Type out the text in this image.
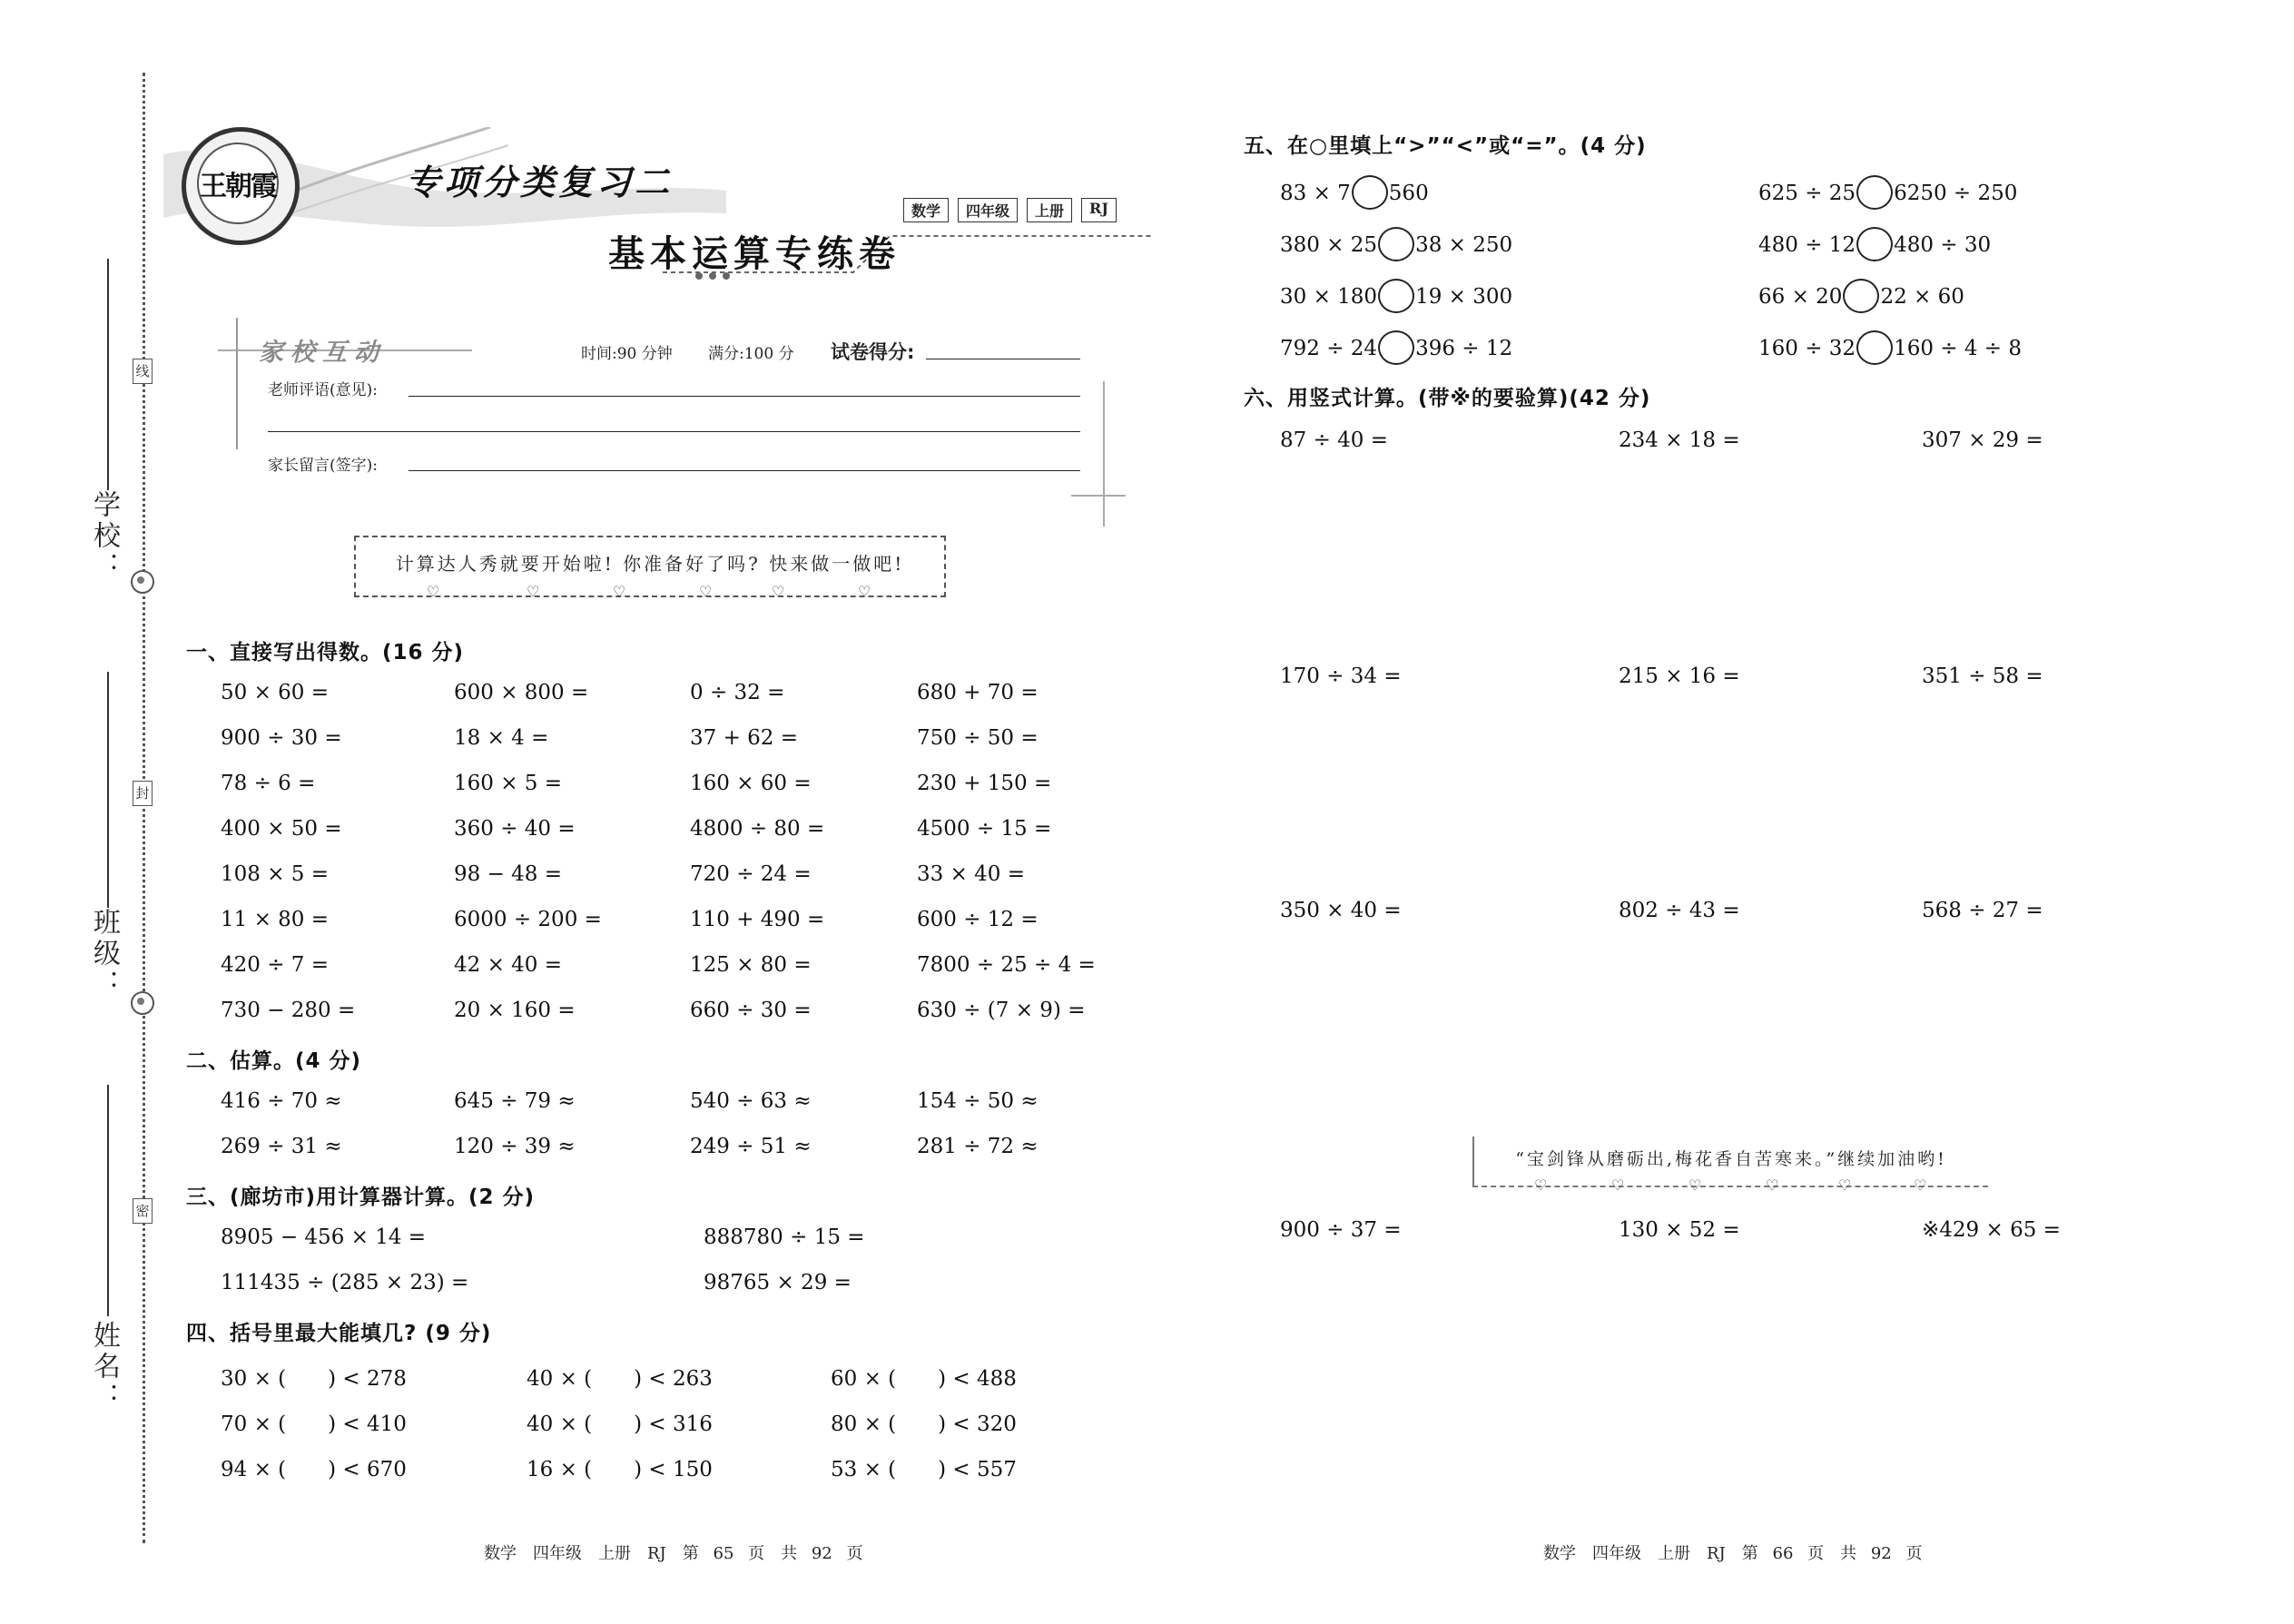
学校：
班级：
姓名：
线
封
密
王朝霞	专项分类复习二
基本运算专练卷
数学	四年级	上册	RJ
家校互动	时间:90 分钟 满分:100 分 试卷得分:
老师评语(意见):
家长留言(签字):
计算达人秀就要开始啦! 你准备好了吗? 快来做一做吧!
♡	♡	♡	♡	♡	♡
一、直接写出得数。(16 分)
50 × 60 =	600 × 800 =	0 ÷ 32 =	680 + 70 =
900 ÷ 30 =	18 × 4 =	37 + 62 =	750 ÷ 50 =
78 ÷ 6 =	160 × 5 =	160 × 60 =	230 + 150 =
400 × 50 =	360 ÷ 40 =	4800 ÷ 80 =	4500 ÷ 15 =
108 × 5 =	98 − 48 =	720 ÷ 24 =	33 × 40 =
11 × 80 =	6000 ÷ 200 =	110 + 490 =	600 ÷ 12 =
420 ÷ 7 =	42 × 40 =	125 × 80 =	7800 ÷ 25 ÷ 4 =
730 − 280 =	20 × 160 =	660 ÷ 30 =	630 ÷ (7 × 9) =
二、估算。(4 分)
416 ÷ 70 ≈	645 ÷ 79 ≈	540 ÷ 63 ≈	154 ÷ 50 ≈
269 ÷ 31 ≈	120 ÷ 39 ≈	249 ÷ 51 ≈	281 ÷ 72 ≈
三、(廊坊市)用计算器计算。(2 分)
8905 − 456 × 14 =	888780 ÷ 15 =
111435 ÷ (285 × 23) =	98765 × 29 =
四、括号里最大能填几? (9 分)
30 × (　　) < 278	40 × (　　) < 263	60 × (　　) < 488
70 × (　　) < 410	40 × (　　) < 316	80 × (　　) < 320
94 × (　　) < 670	16 × (　　) < 150	53 × (　　) < 557
数学　四年级　上册　RJ　第 65 页　共 92 页
五、在○里填上“>”“<”或“=”。(4 分)
83 × 7 560	625 ÷ 25 6250 ÷ 250
380 × 25 38 × 250	480 ÷ 12 480 ÷ 30
30 × 180 19 × 300	66 × 20 22 × 60
792 ÷ 24 396 ÷ 12	160 ÷ 32 160 ÷ 4 ÷ 8
六、用竖式计算。(带※的要验算)(42 分)
87 ÷ 40 =	234 × 18 =	307 × 29 =
170 ÷ 34 =	215 × 16 =	351 ÷ 58 =
350 × 40 =	802 ÷ 43 =	568 ÷ 27 =
“宝剑锋从磨砺出,梅花香自苦寒来。”继续加油哟!
♡	♡	♡	♡	♡	♡
900 ÷ 37 =	130 × 52 =	※429 × 65 =
数学　四年级　上册　RJ　第 66 页　共 92 页
